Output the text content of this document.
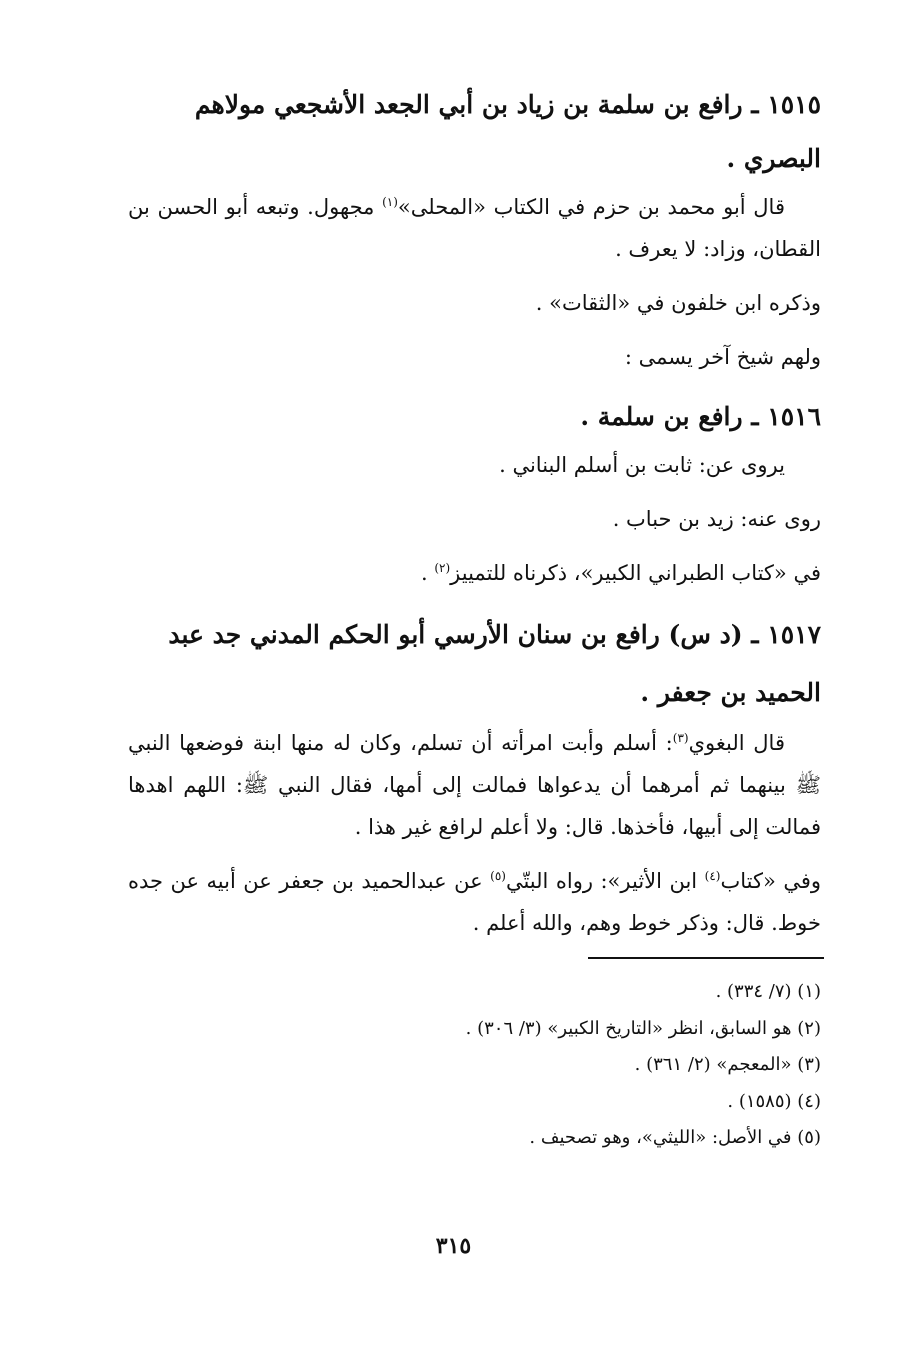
١٥١٥ ـ رافع بن سلمة بن زياد بن أبي الجعد الأشجعي مولاهم البصري .

قال أبو محمد بن حزم في الكتاب «المحلى»$^{(١)}$ مجهول. وتبعه أبو الحسن بن القطان، وزاد: لا يعرف .

وذكره ابن خلفون في «الثقات» .

ولهم شيخ آخر يسمى :

١٥١٦ ـ رافع بن سلمة .

يروى عن: ثابت بن أسلم البناني .

روى عنه: زيد بن حباب .

في «كتاب الطبراني الكبير»، ذكرناه للتمييز$^{(٢)}$ .

١٥١٧ ـ (د س) رافع بن سنان الأرسي أبو الحكم المدني جد عبد الحميد بن جعفر .

قال البغوي$^{(٣)}$: أسلم وأبت امرأته أن تسلم، وكان له منها ابنة فوضعها النبي ﷺ بينهما ثم أمرهما أن يدعواها فمالت إلى أمها، فقال النبي ﷺ: اللهم اهدها فمالت إلى أبيها، فأخذها. قال: ولا أعلم لرافع غير هذا .

وفي «كتاب$^{(٤)}$ ابن الأثير»: رواه البتّي$^{(٥)}$ عن عبدالحميد بن جعفر عن أبيه عن جده خوط. قال: وذكر خوط وهم، والله أعلم .

(١) (٧/ ٣٣٤) .

(٢) هو السابق، انظر «التاريخ الكبير» (٣/ ٣٠٦) .

(٣) «المعجم» (٢/ ٣٦١) .

(٤) (١٥٨٥) .

(٥) في الأصل: «الليثي»، وهو تصحيف .

٣١٥
